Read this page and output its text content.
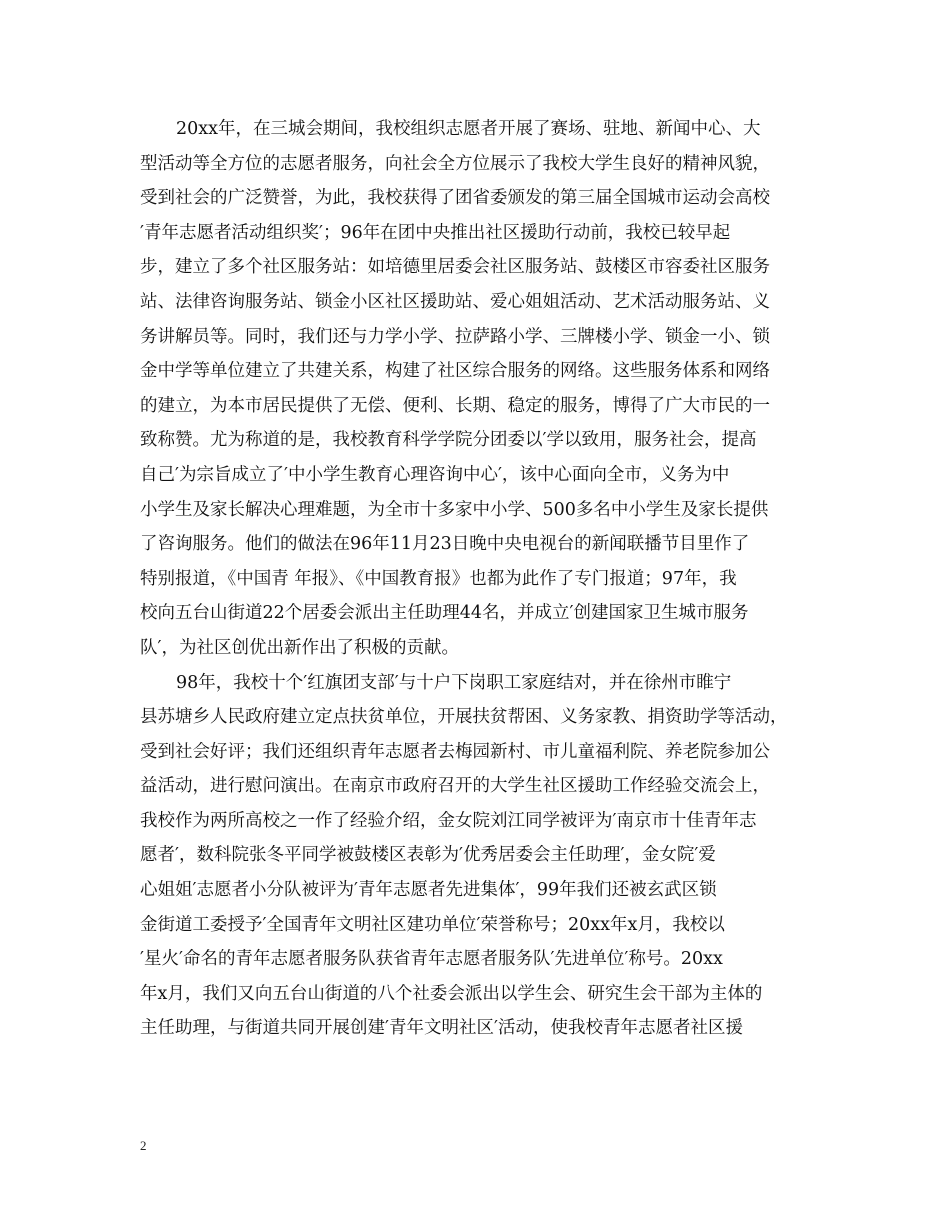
20xx年，在三城会期间，我校组织志愿者开展了赛场、驻地、新闻中心、大
型活动等全方位的志愿者服务，向社会全方位展示了我校大学生良好的精神风貌，
受到社会的广泛赞誉，为此，我校获得了团省委颁发的第三届全国城市运动会高校
′青年志愿者活动组织奖′；96年在团中央推出社区援助行动前，我校已较早起
步，建立了多个社区服务站：如培德里居委会社区服务站、鼓楼区市容委社区服务
站、法律咨询服务站、锁金小区社区援助站、爱心姐姐活动、艺术活动服务站、义
务讲解员等。同时，我们还与力学小学、拉萨路小学、三牌楼小学、锁金一小、锁
金中学等单位建立了共建关系，构建了社区综合服务的网络。这些服务体系和网络
的建立，为本市居民提供了无偿、便利、长期、稳定的服务，博得了广大市民的一
致称赞。尤为称道的是，我校教育科学学院分团委以′学以致用，服务社会，提高
自己′为宗旨成立了′中小学生教育心理咨询中心′，该中心面向全市，义务为中
小学生及家长解决心理难题，为全市十多家中小学、500多名中小学生及家长提供
了咨询服务。他们的做法在96年11月23日晚中央电视台的新闻联播节目里作了
特别报道，《中国青 年报》、《中国教育报》也都为此作了专门报道；97年，我
校向五台山街道22个居委会派出主任助理44名，并成立′创建国家卫生城市服务
队′，为社区创优出新作出了积极的贡献。
98年，我校十个′红旗团支部′与十户下岗职工家庭结对，并在徐州市睢宁
县苏塘乡人民政府建立定点扶贫单位，开展扶贫帮困、义务家教、捐资助学等活动，
受到社会好评；我们还组织青年志愿者去梅园新村、市儿童福利院、养老院参加公
益活动，进行慰问演出。在南京市政府召开的大学生社区援助工作经验交流会上，
我校作为两所高校之一作了经验介绍，金女院刘江同学被评为′南京市十佳青年志
愿者′，数科院张冬平同学被鼓楼区表彰为′优秀居委会主任助理′，金女院′爱
心姐姐′志愿者小分队被评为′青年志愿者先进集体′，99年我们还被玄武区锁
金街道工委授予′全国青年文明社区建功单位′荣誉称号；20xx年x月，我校以
′星火′命名的青年志愿者服务队获省青年志愿者服务队′先进单位′称号。20xx
年x月，我们又向五台山街道的八个社委会派出以学生会、研究生会干部为主体的
主任助理，与街道共同开展创建′青年文明社区′活动，使我校青年志愿者社区援
2
